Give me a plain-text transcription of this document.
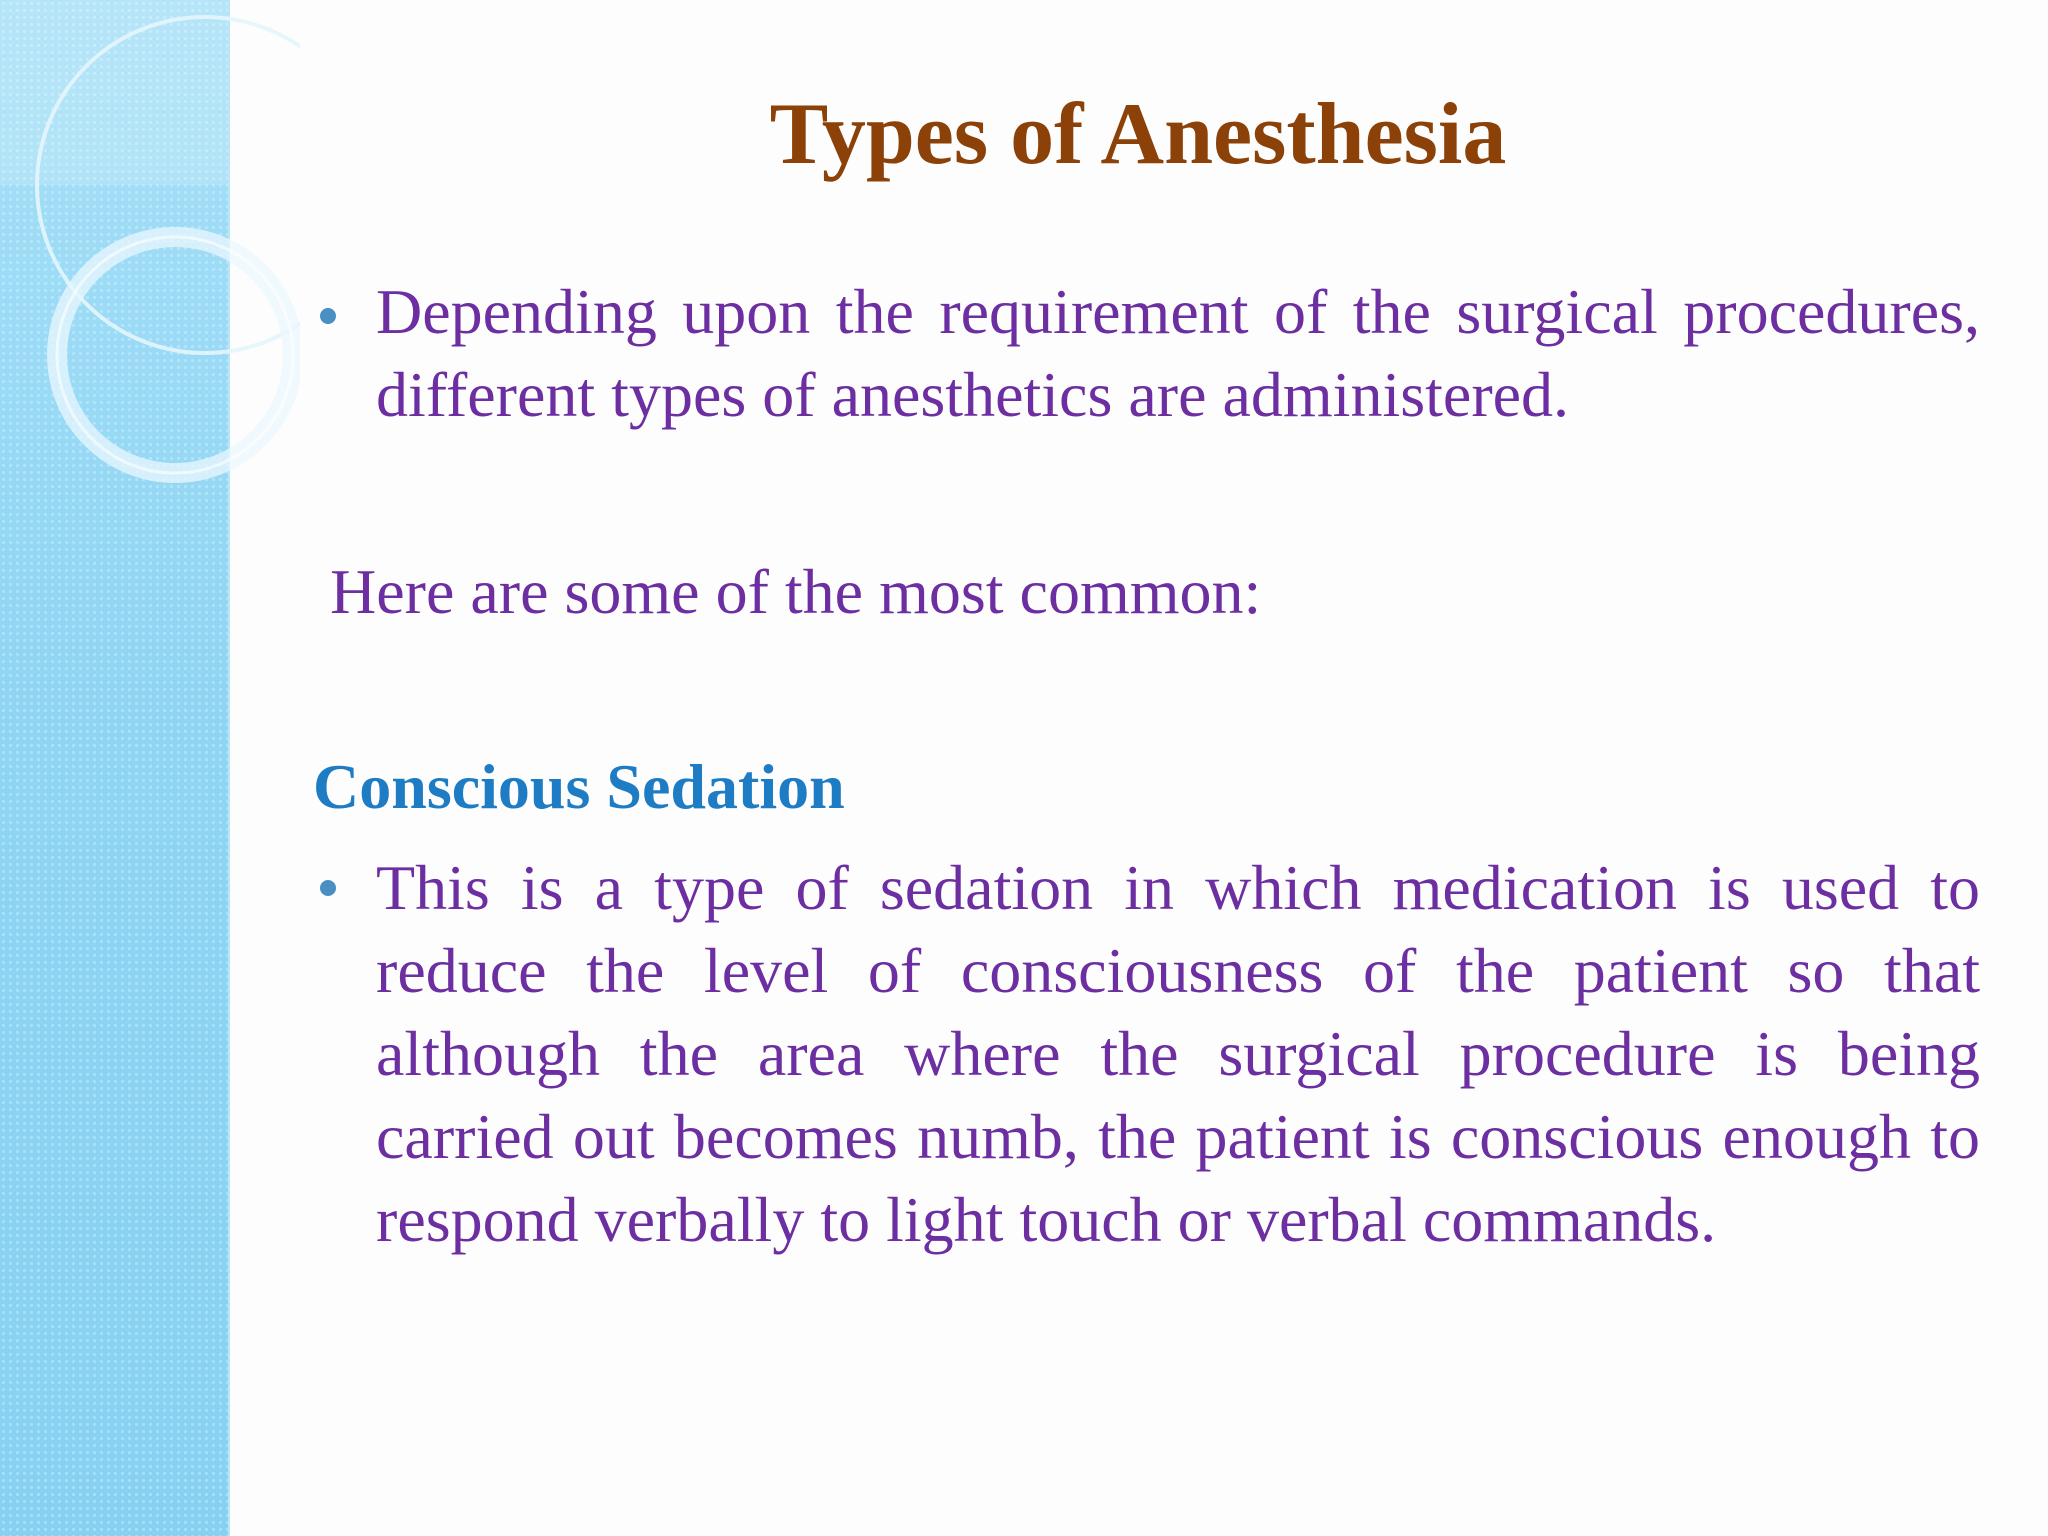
Types of Anesthesia

Depending upon the requirement of the surgical procedures, different types of anesthetics are administered.

Here are some of the most common:

Conscious Sedation

This is a type of sedation in which medication is used to reduce the level of consciousness of the patient so that although the area where the surgical procedure is being carried out becomes numb, the patient is conscious enough to respond verbally to light touch or verbal commands.
